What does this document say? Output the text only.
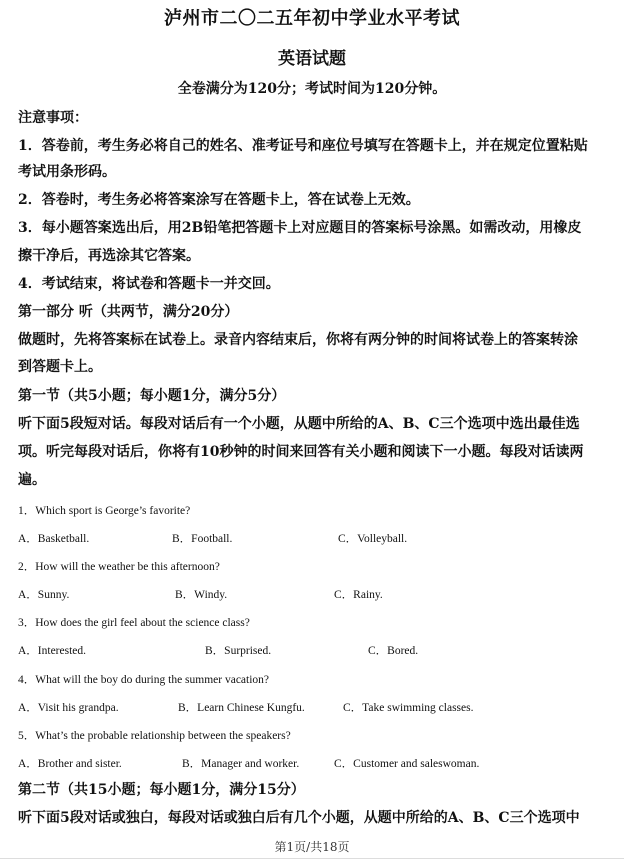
泸州市二〇二五年初中学业水平考试
英语试题
全卷满分为120分；考试时间为120分钟。
注意事项：
1．答卷前，考生务必将自己的姓名、准考证号和座位号填写在答题卡上，并在规定位置粘贴
考试用条形码。
2．答卷时，考生务必将答案涂写在答题卡上，答在试卷上无效。
3．每小题答案选出后，用2B铅笔把答题卡上对应题目的答案标号涂黑。如需改动，用橡皮
擦干净后，再选涂其它答案。
4．考试结束，将试卷和答题卡一并交回。
第一部分 听（共两节，满分20分）
做题时，先将答案标在试卷上。录音内容结束后，你将有两分钟的时间将试卷上的答案转涂
到答题卡上。
第一节（共5小题；每小题1分，满分5分）
听下面5段短对话。每段对话后有一个小题，从题中所给的A、B、C三个选项中选出最佳选
项。听完每段对话后，你将有10秒钟的时间来回答有关小题和阅读下一小题。每段对话读两
遍。
1．Which sport is George’s favorite?
A．Basketball.	B．Football.	C．Volleyball.
2．How will the weather be this afternoon?
A．Sunny.	B．Windy.	C．Rainy.
3．How does the girl feel about the science class?
A．Interested.	B．Surprised.	C．Bored.
4．What will the boy do during the summer vacation?
A．Visit his grandpa.	B．Learn Chinese Kungfu.	C．Take swimming classes.
5．What’s the probable relationship between the speakers?
A．Brother and sister.	B．Manager and worker.	C．Customer and saleswoman.
第二节（共15小题；每小题1分，满分15分）
听下面5段对话或独白，每段对话或独白后有几个小题，从题中所给的A、B、C三个选项中
第1页/共18页
